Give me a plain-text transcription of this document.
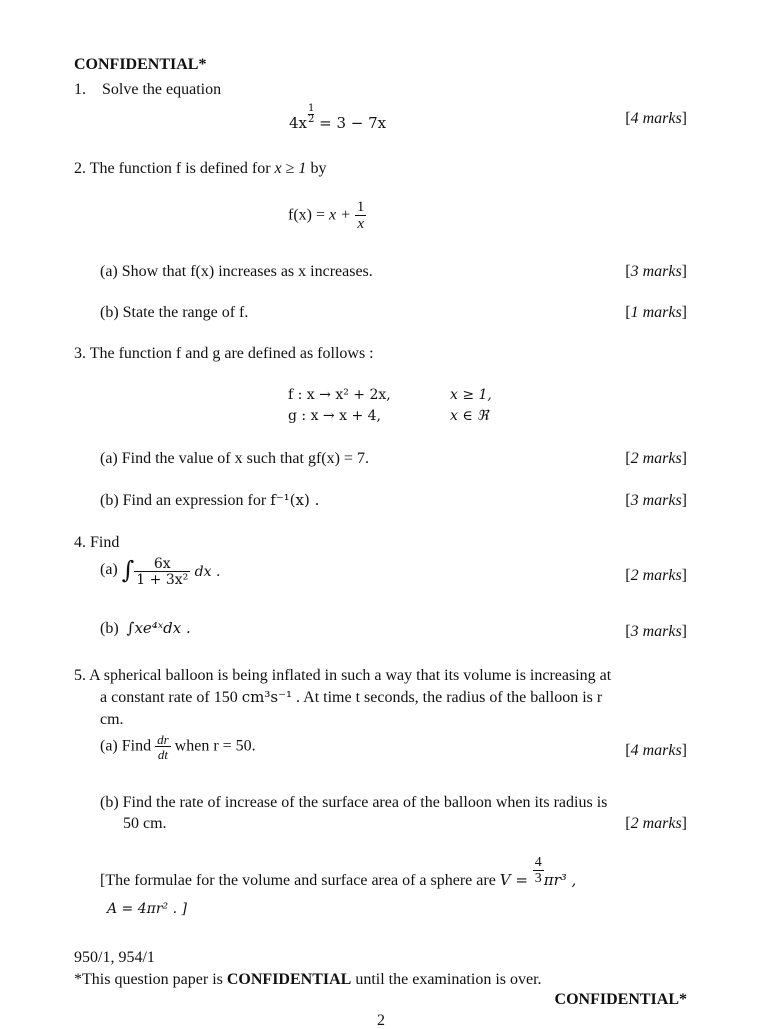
CONFIDENTIAL*
1. Solve the equation
$4x \frac{1}{2} = 3 - 7x$	[4 marks]
2. The function f is defined for x ≥ 1 by
$f(x) = x + \frac{1}{x}$
(a) Show that f(x) increases as x increases.	[3 marks]
(b) State the range of f.	[1 marks]
3. The function f and g are defined as follows :
f : x → x² + 2x,	x ≥ 1,
g : x → x + 4,	x ∈ ℜ
(a) Find the value of x such that gf(x) = 7.	[2 marks]
(b) Find an expression for f⁻¹(x) .	[3 marks]
4. Find
(a) ∫ $\frac{6x}{\text{1 + 3x²}}$ dx .	[2 marks]
(b) ∫xe⁴ˣdx .	[3 marks]
5. A spherical balloon is being inflated in such a way that its volume is increasing at
a constant rate of 150 cm³s⁻¹ . At time t seconds, the radius of the balloon is r
cm.
(a) Find $\frac{dr}{dt}$ when r = 50.	[4 marks]
(b) Find the rate of increase of the surface area of the balloon when its radius is
50 cm.	[2 marks]
[The formulae for the volume and surface area of a sphere are $V = \frac{4}{3} \pi r^3$ ,
A = 4πr² . ]
950/1, 954/1
*This question paper is CONFIDENTIAL until the examination is over.
CONFIDENTIAL*
2
